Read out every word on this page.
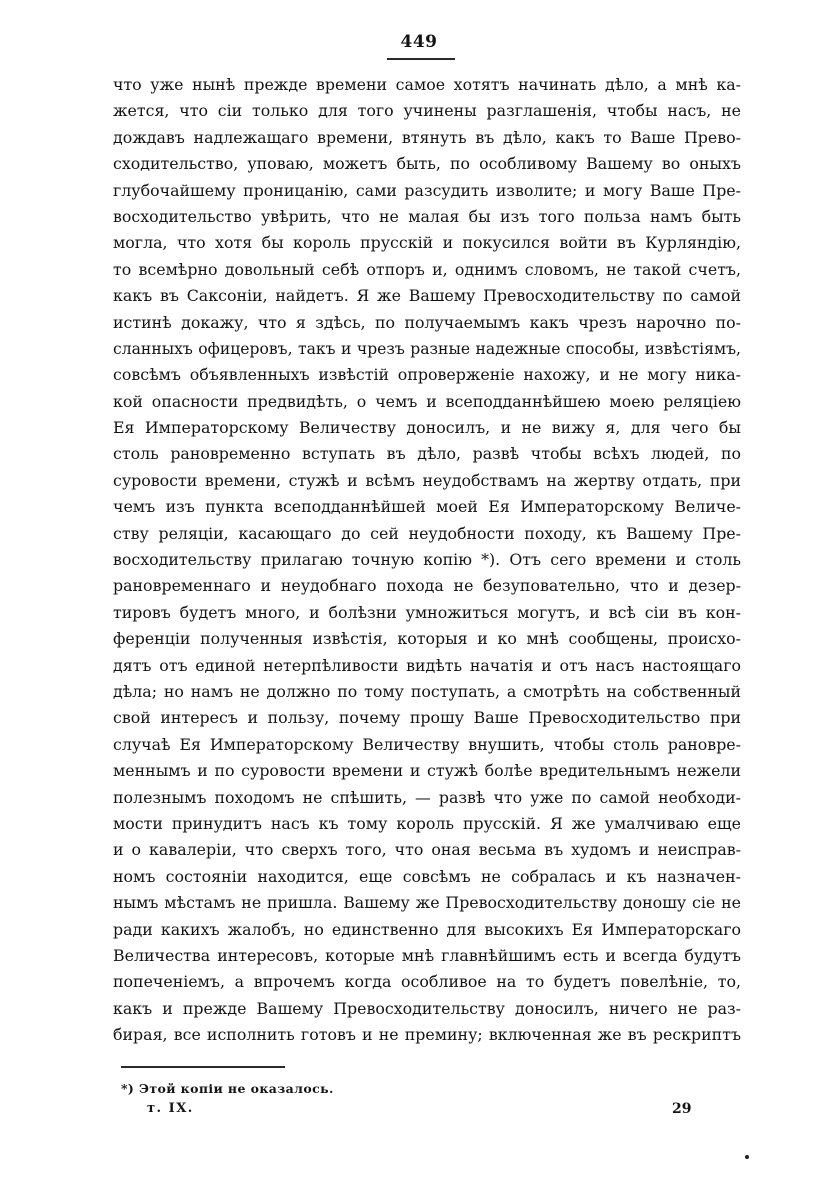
449
что уже нынѣ прежде времени самое хотятъ начинать дѣло, а мнѣ ка-
жется, что сіи только для того учинены разглашенія, чтобы насъ, не
дождавъ надлежащаго времени, втянуть въ дѣло, какъ то Ваше Прево-
сходительство, уповаю, можетъ быть, по особливому Вашему во оныхъ
глубочайшему проницанію, сами разсудить изволите; и могу Ваше Пре-
восходительство увѣрить, что не малая бы изъ того польза намъ быть
могла, что хотя бы король прусскій и покусился войти въ Курляндію,
то всемѣрно довольный себѣ отпоръ и, однимъ словомъ, не такой счетъ,
какъ въ Саксоніи, найдетъ. Я же Вашему Превосходительству по самой
истинѣ докажу, что я здѣсь, по получаемымъ какъ чрезъ нарочно по-
сланныхъ офицеровъ, такъ и чрезъ разные надежные способы, извѣстіямъ,
совсѣмъ объявленныхъ извѣстій опроверженіе нахожу, и не могу никa-
кой опасности предвидѣть, о чемъ и всеподданнѣйшею моею реляціею
Ея Императорскому Величеству доносилъ, и не вижу я, для чего бы
столь рановременно вступать въ дѣло, развѣ чтобы всѣхъ людей, по
суровости времени, стужѣ и всѣмъ неудобствамъ на жертву отдать, при
чемъ изъ пункта всеподданнѣйшей моей Ея Императорскому Величе-
ству реляціи, касающаго до сей неудобности походу, къ Вашему Пре-
восходительству прилагаю точную копію *). Отъ сего времени и столь
рановременнаго и неудобнаго похода не безуповательно, что и дезер-
тировъ будетъ много, и болѣзни умножиться могутъ, и всѣ сіи въ кон-
ференціи полученныя извѣстія, которыя и ко мнѣ сообщены, происхо-
дятъ отъ единой нетерпѣливости видѣть начатія и отъ насъ настоящаго
дѣла; но намъ не должно по тому поступать, а смотрѣть на собственный
свой интересъ и пользу, почему прошу Ваше Превосходительство при
случаѣ Ея Императорскому Величеству внушить, чтобы столь рановре-
меннымъ и по суровости времени и стужѣ болѣе вредительнымъ нежели
полезнымъ походомъ не спѣшить, — развѣ что уже по самой необходи-
мости принудитъ насъ къ тому король прусскій. Я же умалчиваю еще
и о кавалеріи, что сверхъ того, что оная весьма въ худомъ и неисправ-
номъ состояніи находится, еще совсѣмъ не собралась и къ назначен-
нымъ мѣстамъ не пришла. Вашему же Превосходительству доношу сіе не
ради какихъ жалобъ, но единственно для высокихъ Ея Императорскаго
Величества интересовъ, которые мнѣ главнѣйшимъ есть и всегда будутъ
попеченіемъ, а впрочемъ когда особливое на то будетъ повелѣніе, то,
какъ и прежде Вашему Превосходительству доносилъ, ничего не раз-
бирая, все исполнить готовъ и не премину; включенная же въ рескриптъ
*) Этой копіи не оказалось.
т. IX.	29
